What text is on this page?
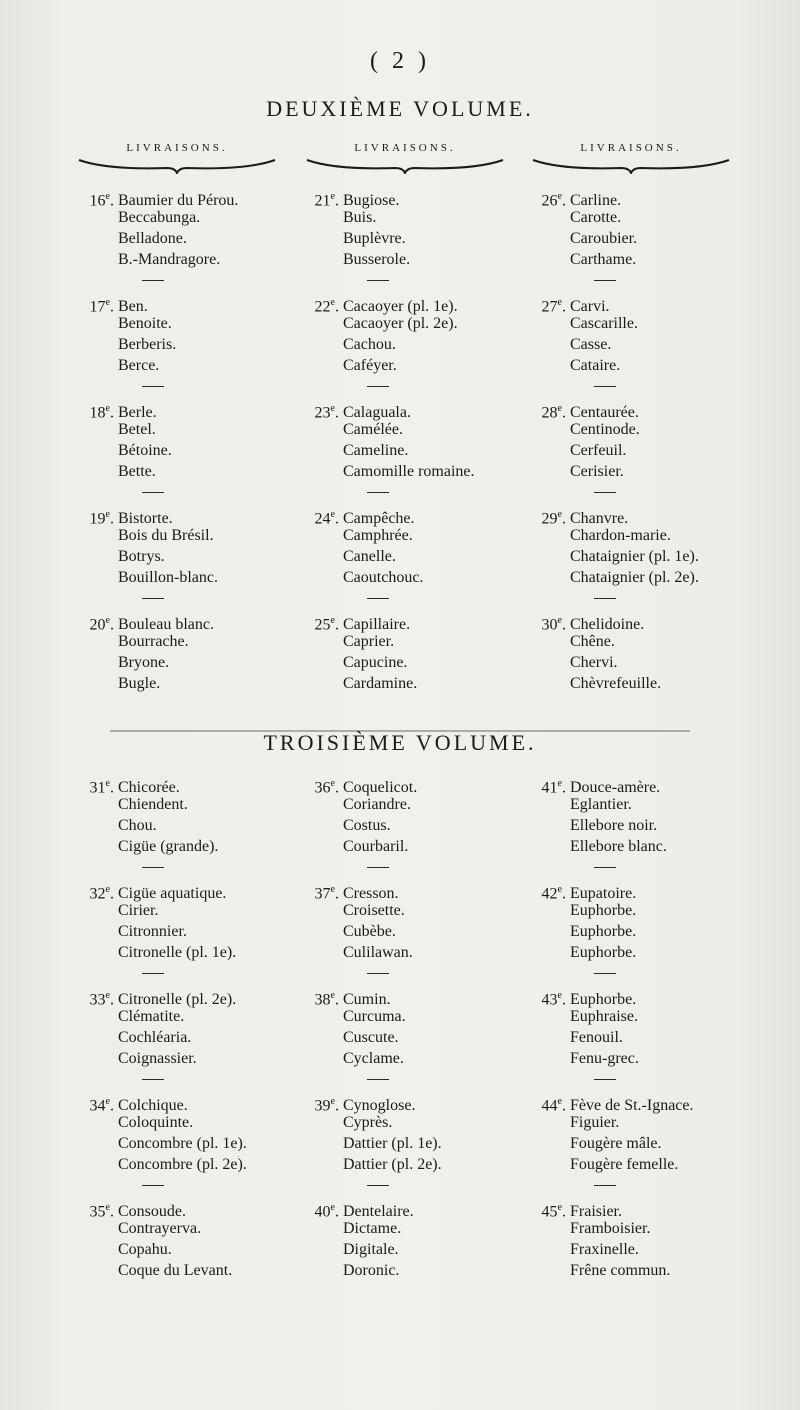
( 2 )
DEUXIÈME VOLUME.
LIVRAISONS.	LIVRAISONS.	LIVRAISONS.
16e. Baumier du Pérou.
Beccabunga.
Belladone.
B.-Mandragore.
17e. Ben.
Benoite.
Berberis.
Berce.
18e. Berle.
Betel.
Bétoine.
Bette.
19e. Bistorte.
Bois du Brésil.
Botrys.
Bouillon-blanc.
20e. Bouleau blanc.
Bourrache.
Bryone.
Bugle.
21e. Bugiose.
Buis.
Buplèvre.
Busserole.
22e. Cacaoyer (pl. 1e).
Cacaoyer (pl. 2e).
Cachou.
Caféyer.
23e. Calaguala.
Camélée.
Cameline.
Camomille romaine.
24e. Campêche.
Camphrée.
Canelle.
Caoutchouc.
25e. Capillaire.
Caprier.
Capucine.
Cardamine.
26e. Carline.
Carotte.
Caroubier.
Carthame.
27e. Carvi.
Cascarille.
Casse.
Cataire.
28e. Centaurée.
Centinode.
Cerfeuil.
Cerisier.
29e. Chanvre.
Chardon-marie.
Chataignier (pl. 1e).
Chataignier (pl. 2e).
30e. Chelidoine.
Chêne.
Chervi.
Chèvrefeuille.
TROISIÈME VOLUME.
31e. Chicorée.
Chiendent.
Chou.
Cigüe (grande).
32e. Cigüe aquatique.
Cirier.
Citronnier.
Citronelle (pl. 1e).
33e. Citronelle (pl. 2e).
Clématite.
Cochléaria.
Coignassier.
34e. Colchique.
Coloquinte.
Concombre (pl. 1e).
Concombre (pl. 2e).
35e. Consoude.
Contrayerva.
Copahu.
Coque du Levant.
36e. Coquelicot.
Coriandre.
Costus.
Courbaril.
37e. Cresson.
Croisette.
Cubèbe.
Culilawan.
38e. Cumin.
Curcuma.
Cuscute.
Cyclame.
39e. Cynoglose.
Cyprès.
Dattier (pl. 1e).
Dattier (pl. 2e).
40e. Dentelaire.
Dictame.
Digitale.
Doronic.
41e. Douce-amère.
Eglantier.
Ellebore noir.
Ellebore blanc.
42e. Eupatoire.
Euphorbe.
Euphorbe.
Euphorbe.
43e. Euphorbe.
Euphraise.
Fenouil.
Fenu-grec.
44e. Fève de St.-Ignace.
Figuier.
Fougère mâle.
Fougère femelle.
45e. Fraisier.
Framboisier.
Fraxinelle.
Frêne commun.
